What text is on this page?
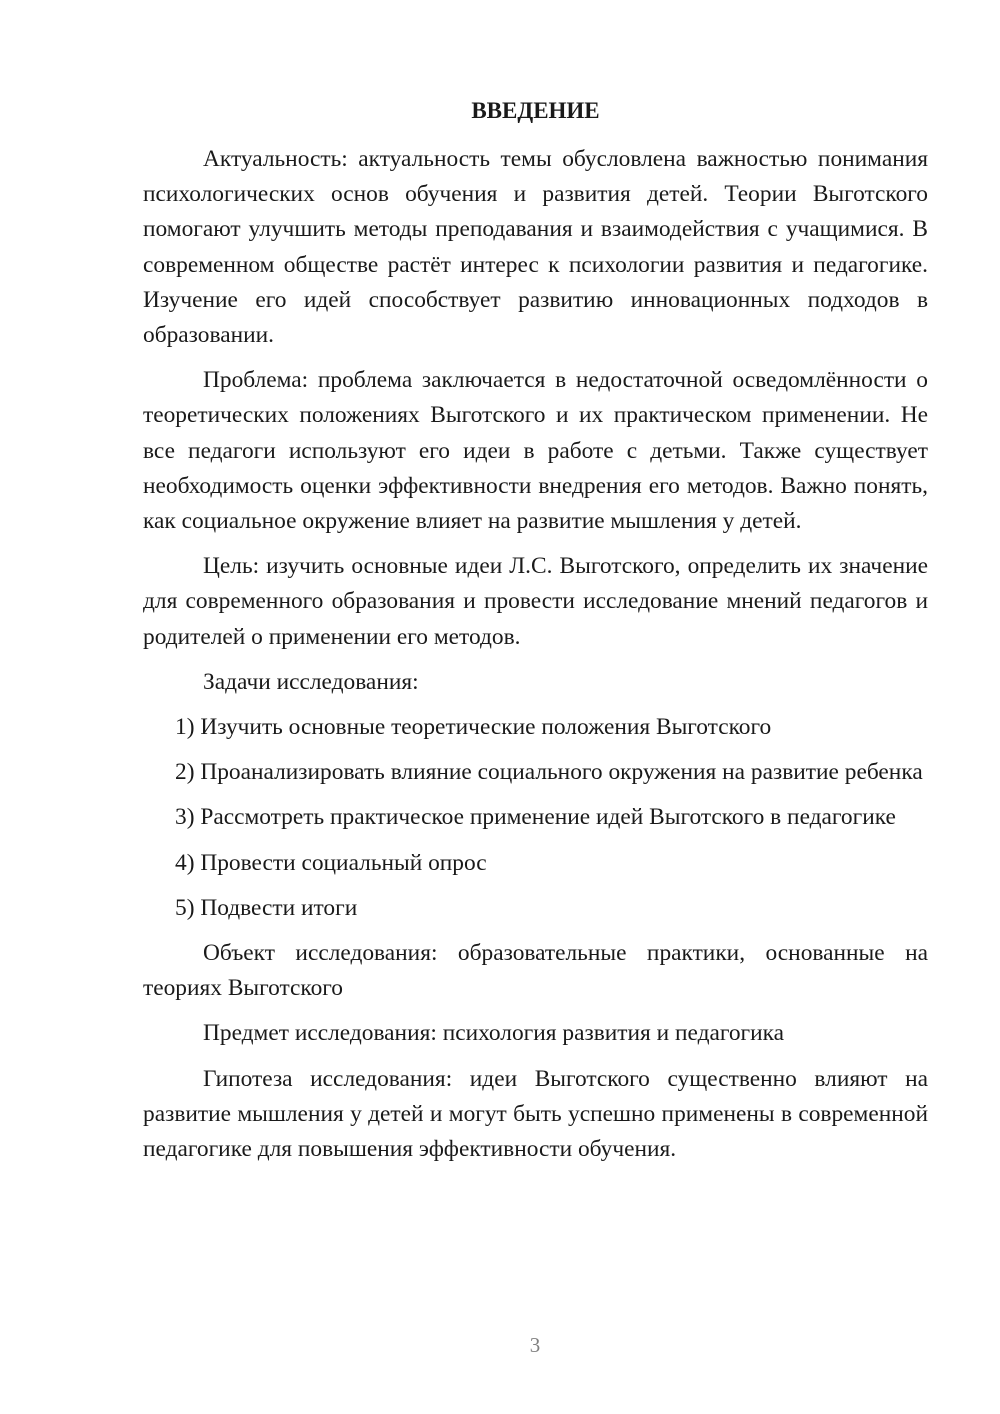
ВВЕДЕНИЕ

Актуальность: актуальность темы обусловлена важностью понимания психологических основ обучения и развития детей. Теории Выготского помогают улучшить методы преподавания и взаимодействия с учащимися. В современном обществе растёт интерес к психологии развития и педагогике. Изучение его идей способствует развитию инновационных подходов в образовании.

Проблема: проблема заключается в недостаточной осведомлённости о теоретических положениях Выготского и их практическом применении. Не все педагоги используют его идеи в работе с детьми. Также существует необходимость оценки эффективности внедрения его методов. Важно понять, как социальное окружение влияет на развитие мышления у детей.

Цель: изучить основные идеи Л.С. Выготского, определить их значение для современного образования и провести исследование мнений педагогов и родителей о применении его методов.

Задачи исследования:

1) Изучить основные теоретические положения Выготского

2) Проанализировать влияние социального окружения на развитие ребенка

3) Рассмотреть практическое применение идей Выготского в педагогике

4) Провести социальный опрос

5) Подвести итоги

Объект исследования: образовательные практики, основанные на теориях Выготского

Предмет исследования: психология развития и педагогика

Гипотеза исследования: идеи Выготского существенно влияют на развитие мышления у детей и могут быть успешно применены в современной педагогике для повышения эффективности обучения.

3
